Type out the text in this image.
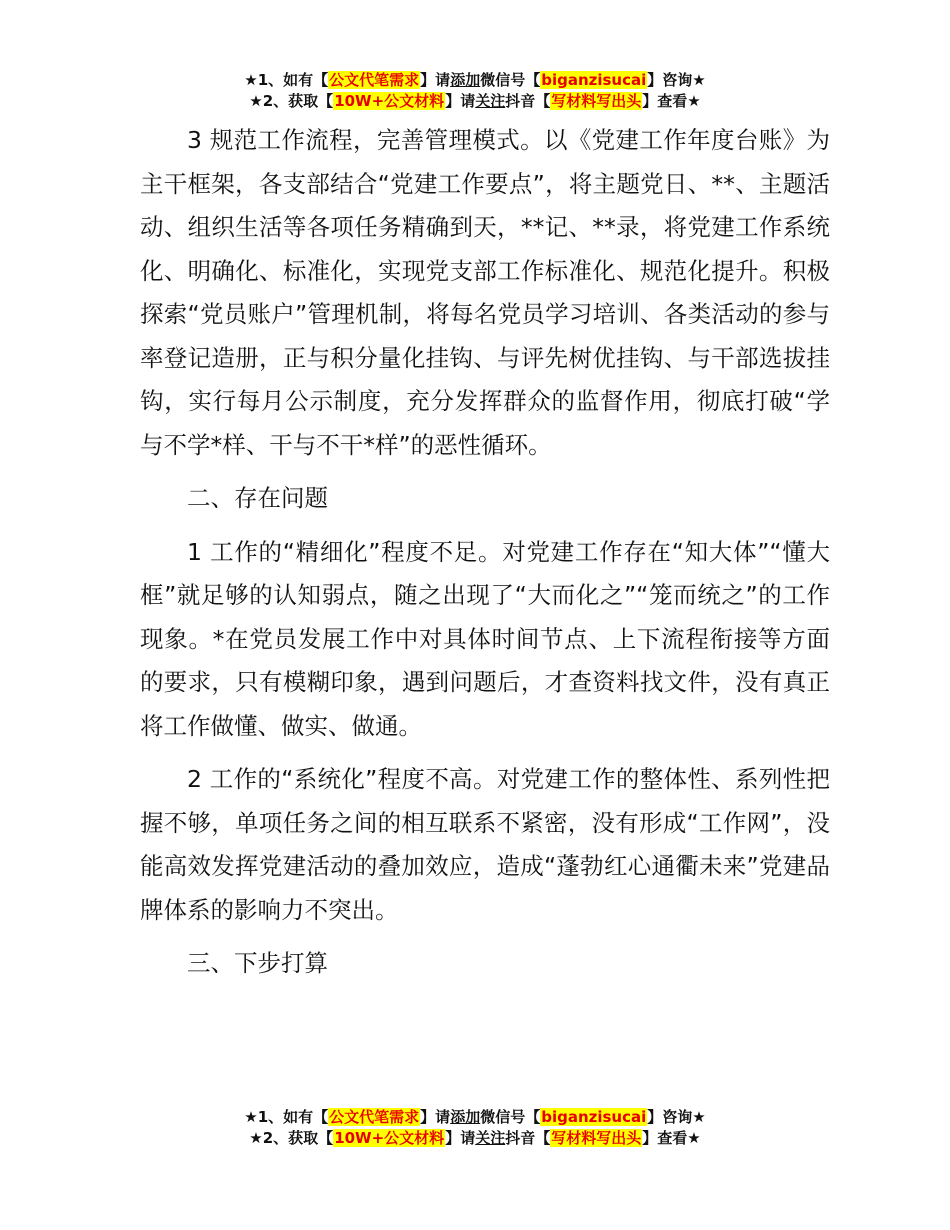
★1、如有【公文代笔需求】请添加微信号【biganzisucai】咨询★
★2、获取【10W+公文材料】请关注抖音【写材料写出头】查看★

3 规范工作流程，完善管理模式。以《党建工作年度台账》为主干框架，各支部结合“党建工作要点”，将主题党日、**、主题活动、组织生活等各项任务精确到天，**记、**录，将党建工作系统化、明确化、标准化，实现党支部工作标准化、规范化提升。积极探索“党员账户”管理机制，将每名党员学习培训、各类活动的参与率登记造册，正与积分量化挂钩、与评先树优挂钩、与干部选拔挂钩，实行每月公示制度，充分发挥群众的监督作用，彻底打破“学与不学*样、干与不干*样”的恶性循环。

二、存在问题

1 工作的“精细化”程度不足。对党建工作存在“知大体”“懂大框”就足够的认知弱点，随之出现了“大而化之”“笼而统之”的工作现象。*在党员发展工作中对具体时间节点、上下流程衔接等方面的要求，只有模糊印象，遇到问题后，才查资料找文件，没有真正将工作做懂、做实、做通。

2 工作的“系统化”程度不高。对党建工作的整体性、系列性把握不够，单项任务之间的相互联系不紧密，没有形成“工作网”，没能高效发挥党建活动的叠加效应，造成“蓬勃红心通衢未来”党建品牌体系的影响力不突出。

三、下步打算

★1、如有【公文代笔需求】请添加微信号【biganzisucai】咨询★
★2、获取【10W+公文材料】请关注抖音【写材料写出头】查看★
